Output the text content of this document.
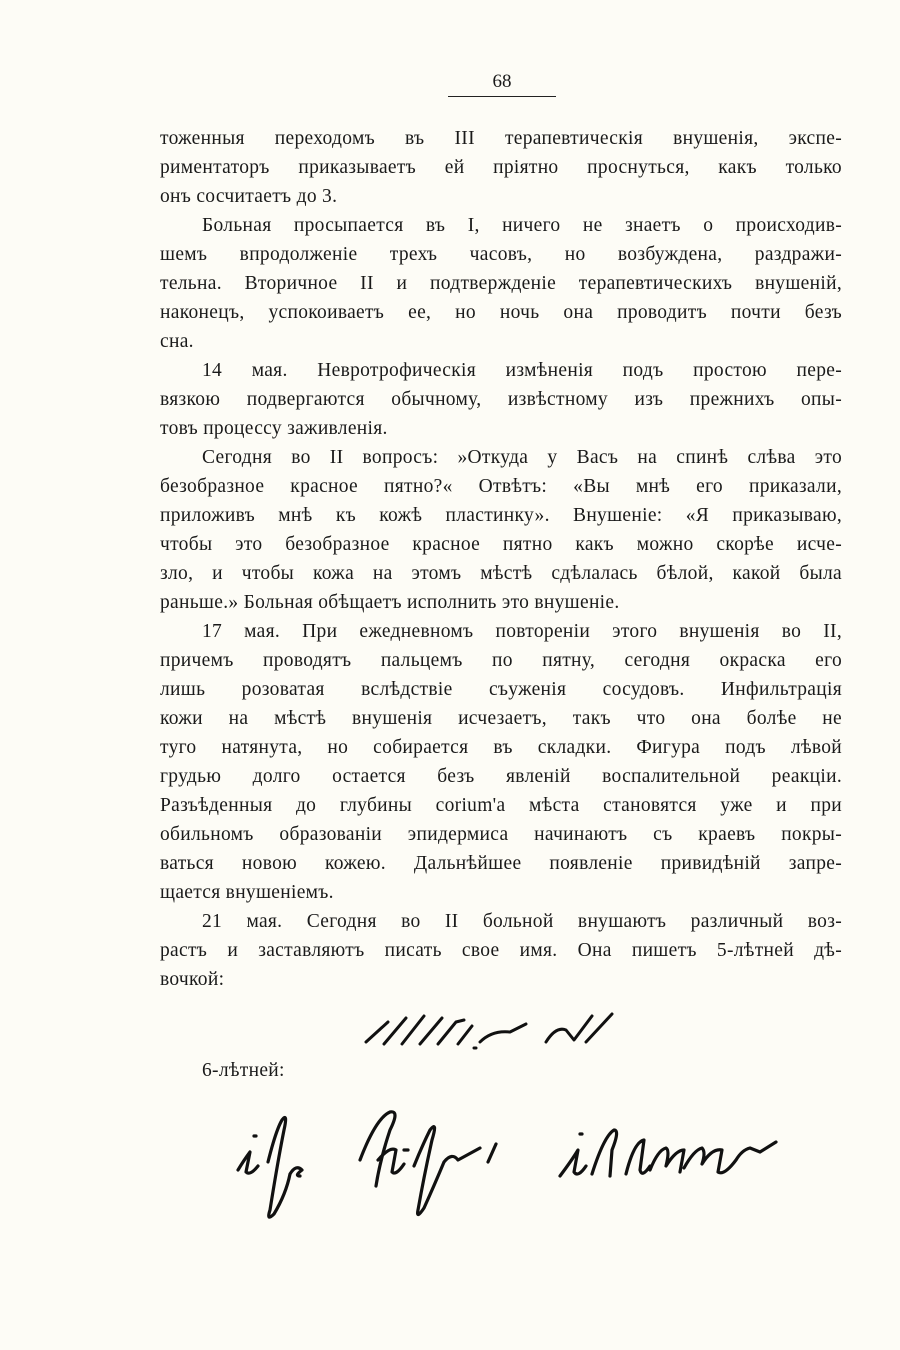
68
тоженныя переходомъ въ III терапевтическія внушенія, экспе-
риментаторъ приказываетъ ей пріятно проснуться, какъ только
онъ сосчитаетъ до 3.
Больная просыпается въ I, ничего не знаетъ о происходив-
шемъ впродолженіе трехъ часовъ, но возбуждена, раздражи-
тельна. Вторичное II и подтвержденіе терапевтическихъ внушеній,
наконецъ, успокоиваетъ ее, но ночь она проводитъ почти безъ
сна.
14 мая. Невротрофическія измѣненія подъ простою пере-
вязкою подвергаются обычному, извѣстному изъ прежнихъ опы-
товъ процессу заживленія.
Сегодня во II вопросъ: »Откуда у Васъ на спинѣ слѣва это
безобразное красное пятно?« Отвѣтъ: «Вы мнѣ его приказали,
приложивъ мнѣ къ кожѣ пластинку». Внушеніе: «Я приказываю,
чтобы это безобразное красное пятно какъ можно скорѣе исче-
зло, и чтобы кожа на этомъ мѣстѣ сдѣлалась бѣлой, какой была
раньше.» Больная обѣщаетъ исполнить это внушеніе.
17 мая. При ежедневномъ повтореніи этого внушенія во II,
причемъ проводятъ пальцемъ по пятну, сегодня окраска его
лишь розоватая вслѣдствіе съуженія сосудовъ. Инфильтрація
кожи на мѣстѣ внушенія исчезаетъ, такъ что она болѣе не
туго натянута, но собирается въ складки. Фигура подъ лѣвой
грудью долго остается безъ явленій воспалительной реакціи.
Разъѣденныя до глубины corium'а мѣста становятся уже и при
обильномъ образованіи эпидермиса начинаютъ съ краевъ покры-
ваться новою кожею. Дальнѣйшее появленіе привидѣній запре-
щается внушеніемъ.
21 мая. Сегодня во II больной внушаютъ различный воз-
растъ и заставляютъ писать свое имя. Она пишетъ 5-лѣтней дѣ-
вочкой:
6-лѣтней:
